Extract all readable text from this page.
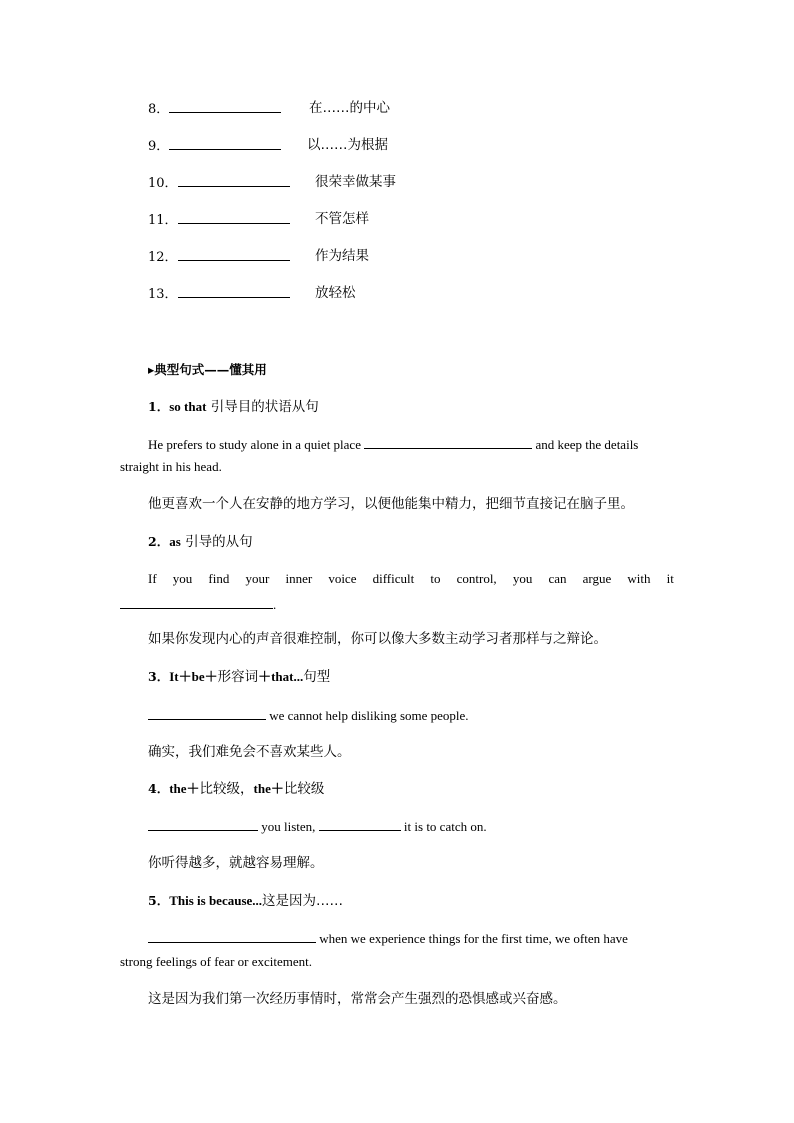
8．	在……的中心
9．	以……为根据
10．	很荣幸做某事
11．	不管怎样
12．	作为结果
13．	放轻松
▸典型句式——懂其用
1．so that 引导目的状语从句
He prefers to study alone in a quiet place	and keep the details
straight in his head.
他更喜欢一个人在安静的地方学习，以便他能集中精力，把细节直接记在脑子里。
2．as 引导的从句
If you find your inner voice difficult to control, you can argue with it
.
如果你发现内心的声音很难控制，你可以像大多数主动学习者那样与之辩论。
3．It＋be＋形容词＋that...句型
we cannot help disliking some people.
确实，我们难免会不喜欢某些人。
4．the＋比较级，the＋比较级
you listen,	it is to catch on.
你听得越多，就越容易理解。
5．This is because...这是因为……
when we experience things for the first time, we often have
strong feelings of fear or excitement.
这是因为我们第一次经历事情时，常常会产生强烈的恐惧感或兴奋感。
